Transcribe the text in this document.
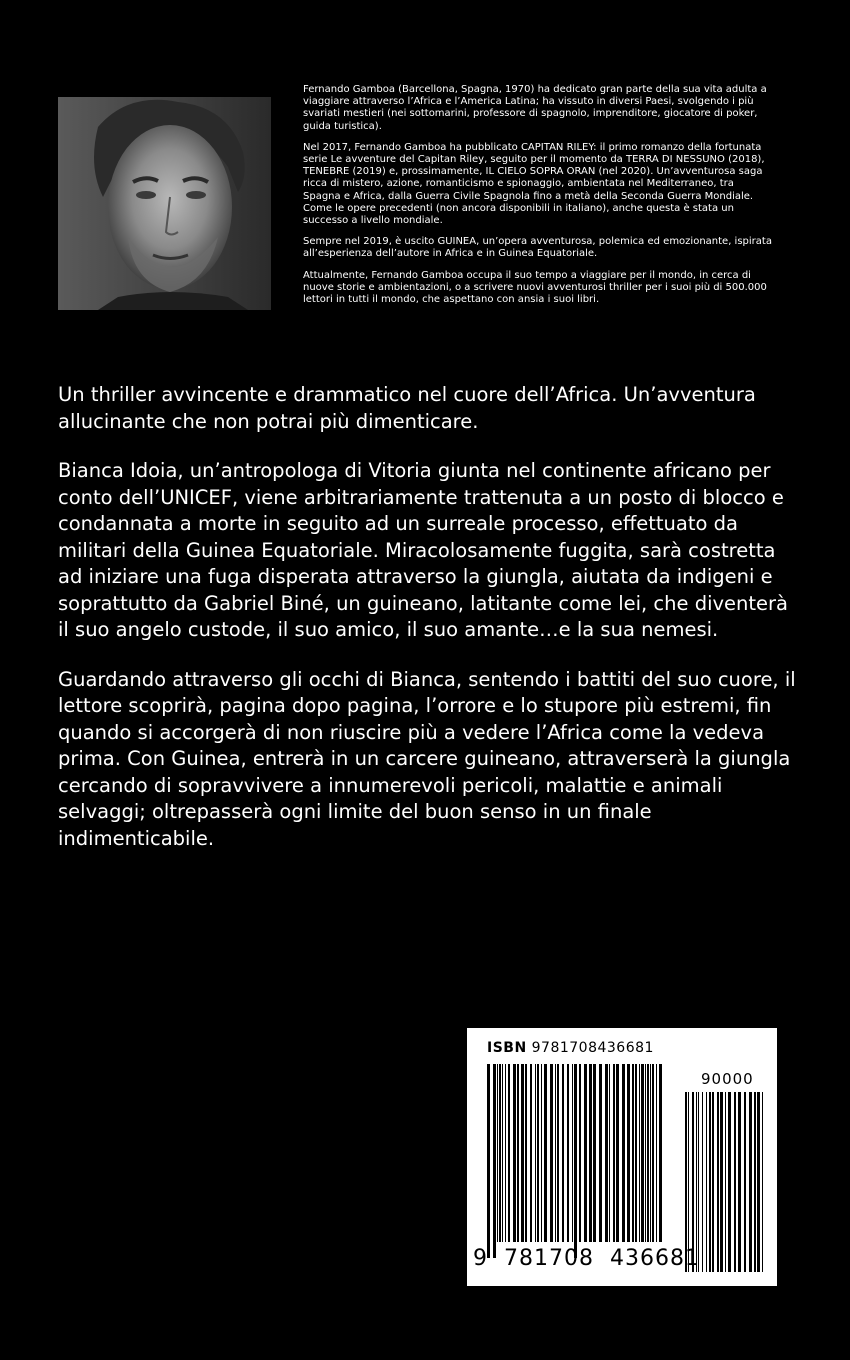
Fernando Gamboa (Barcellona, Spagna, 1970) ha dedicato gran parte della sua vita adulta a viaggiare attraverso l’Africa e l’America Latina; ha vissuto in diversi Paesi, svolgendo i più svariati mestieri (nei sottomarini, professore di spagnolo, imprenditore, giocatore di poker, guida turistica).

Nel 2017, Fernando Gamboa ha pubblicato CAPITAN RILEY: il primo romanzo della fortunata serie Le avventure del Capitan Riley, seguito per il momento da TERRA DI NESSUNO (2018), TENEBRE (2019) e, prossimamente, IL CIELO SOPRA ORAN (nel 2020). Un’avventurosa saga ricca di mistero, azione, romanticismo e spionaggio, ambientata nel Mediterraneo, tra Spagna e Africa, dalla Guerra Civile Spagnola fino a metà della Seconda Guerra Mondiale. Come le opere precedenti (non ancora disponibili in italiano), anche questa è stata un successo a livello mondiale.

Sempre nel 2019, è uscito GUINEA, un’opera avventurosa, polemica ed emozionante, ispirata all’esperienza dell’autore in Africa e in Guinea Equatoriale.

Attualmente, Fernando Gamboa occupa il suo tempo a viaggiare per il mondo, in cerca di nuove storie e ambientazioni, o a scrivere nuovi avventurosi thriller per i suoi più di 500.000 lettori in tutti il mondo, che aspettano con ansia i suoi libri.

Un thriller avvincente e drammatico nel cuore dell’Africa. Un’avventura allucinante che non potrai più dimenticare.

Bianca Idoia, un’antropologa di Vitoria giunta nel continente africano per conto dell’UNICEF, viene arbitrariamente trattenuta a un posto di blocco e condannata a morte in seguito ad un surreale processo, effettuato da militari della Guinea Equatoriale. Miracolosamente fuggita, sarà costretta ad iniziare una fuga disperata attraverso la giungla, aiutata da indigeni e soprattutto da Gabriel Biné, un guineano, latitante come lei, che diventerà il suo angelo custode, il suo amico, il suo amante…e la sua nemesi.

Guardando attraverso gli occhi di Bianca, sentendo i battiti del suo cuore, il lettore scoprirà, pagina dopo pagina, l’orrore e lo stupore più estremi, fin quando si accorgerà di non riuscire più a vedere l’Africa come la vedeva prima. Con Guinea, entrerà in un carcere guineano, attraverserà la giungla cercando di sopravvivere a innumerevoli pericoli, malattie e animali selvaggi; oltrepasserà ogni limite del buon senso in un finale indimenticabile.

ISBN 9781708436681
90000
9  781708  436681
